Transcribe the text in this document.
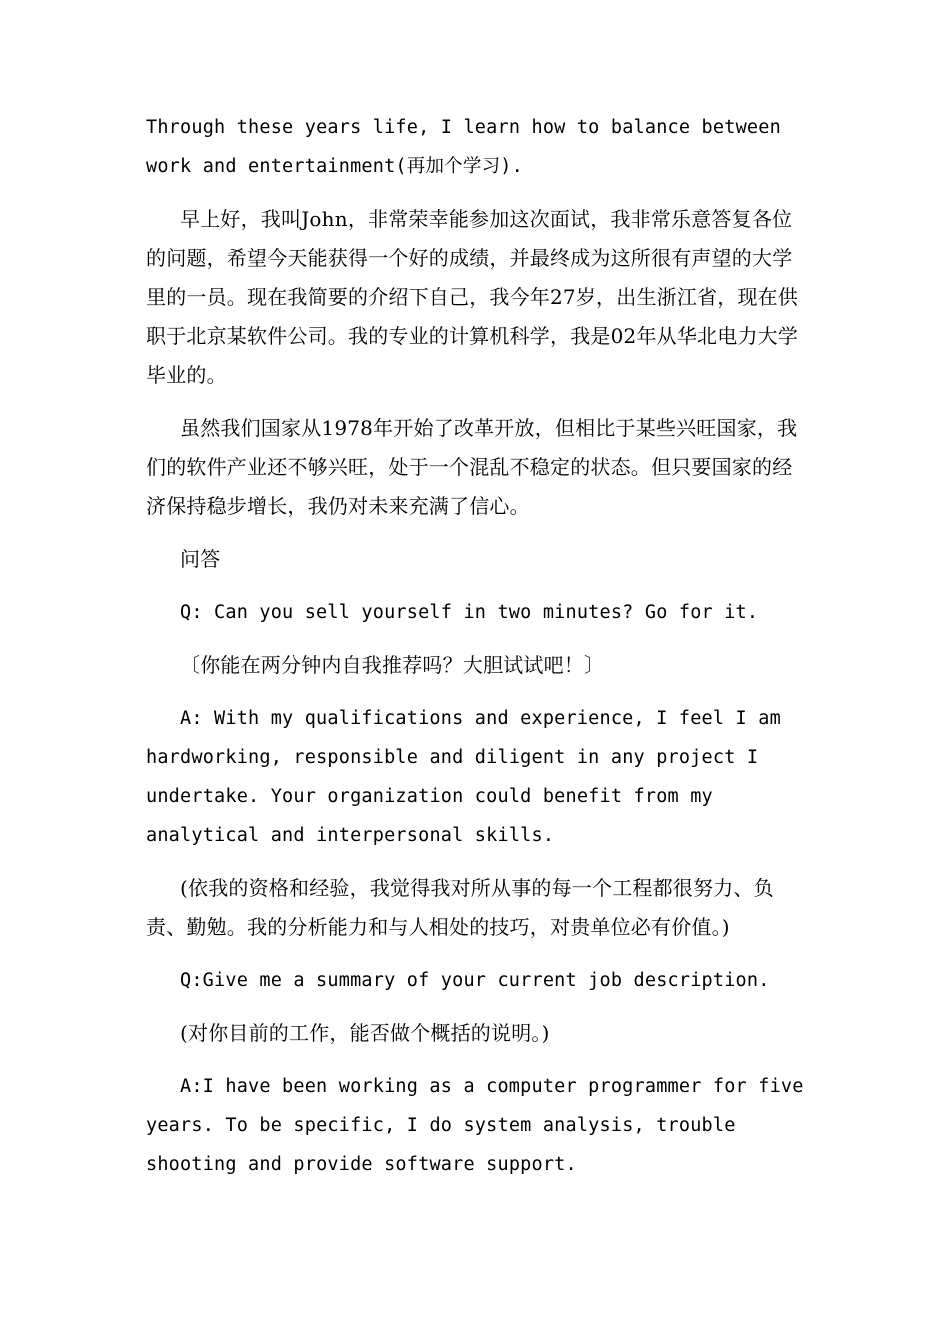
Through these years life, I learn how to balance between work and entertainment(再加个学习).

早上好，我叫John，非常荣幸能参加这次面试，我非常乐意答复各位的问题，希望今天能获得一个好的成绩，并最终成为这所很有声望的大学里的一员。现在我简要的介绍下自己，我今年27岁，出生浙江省，现在供职于北京某软件公司。我的专业的计算机科学，我是02年从华北电力大学毕业的。

虽然我们国家从1978年开始了改革开放，但相比于某些兴旺国家，我们的软件产业还不够兴旺，处于一个混乱不稳定的状态。但只要国家的经济保持稳步增长，我仍对未来充满了信心。

问答

Q: Can you sell yourself in two minutes? Go for it.

〔你能在两分钟内自我推荐吗？大胆试试吧！〕

A: With my qualifications and experience, I feel I am hardworking, responsible and diligent in any project I undertake. Your organization could benefit from my analytical and interpersonal skills.

(依我的资格和经验，我觉得我对所从事的每一个工程都很努力、负责、勤勉。我的分析能力和与人相处的技巧，对贵单位必有价值。)

Q:Give me a summary of your current job description.

(对你目前的工作，能否做个概括的说明。)

A:I have been working as a computer programmer for five years. To be specific, I do system analysis, trouble shooting and provide software support.
